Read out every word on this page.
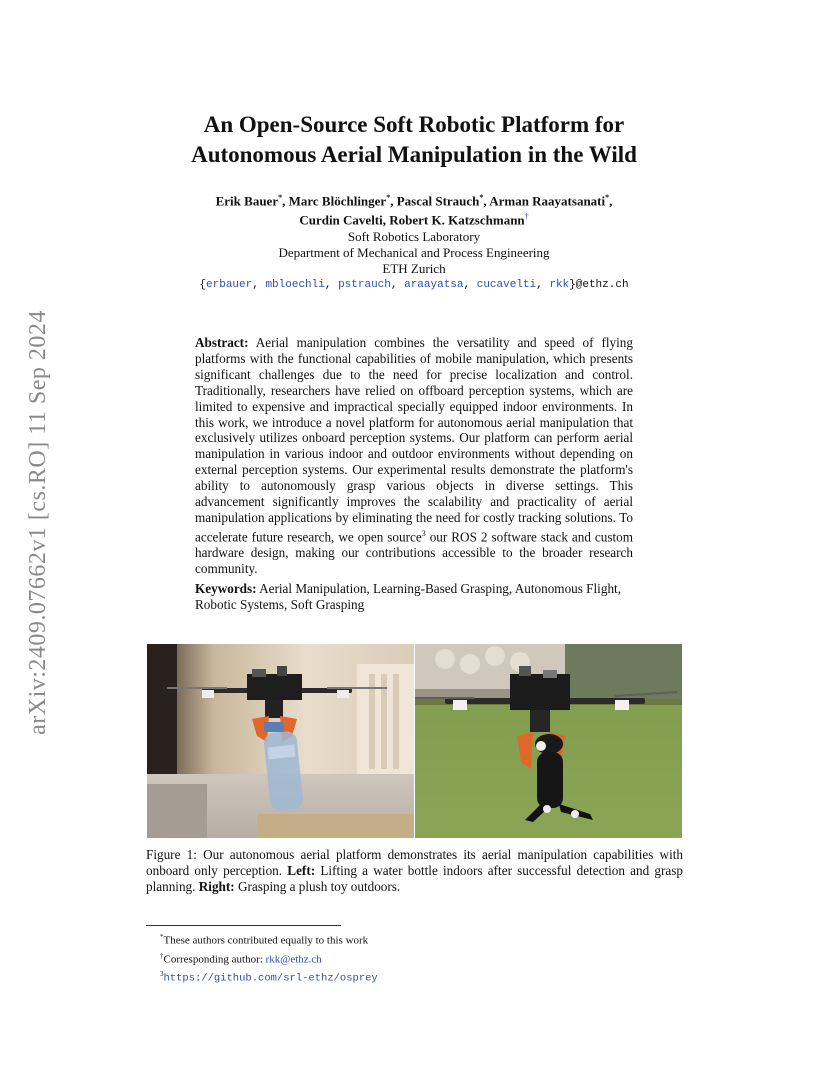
arXiv:2409.07662v1 [cs.RO] 11 Sep 2024
An Open-Source Soft Robotic Platform for
Autonomous Aerial Manipulation in the Wild
Erik Bauer*, Marc Blöchlinger*, Pascal Strauch*, Arman Raayatsanati*,
Curdin Cavelti, Robert K. Katzschmann†
Soft Robotics Laboratory
Department of Mechanical and Process Engineering
ETH Zurich
{erbauer, mbloechli, pstrauch, araayatsa, cucavelti, rkk}@ethz.ch
Abstract: Aerial manipulation combines the versatility and speed of flying platforms with the functional capabilities of mobile manipulation, which presents significant challenges due to the need for precise localization and control. Traditionally, researchers have relied on offboard perception systems, which are limited to expensive and impractical specially equipped indoor environments. In this work, we introduce a novel platform for autonomous aerial manipulation that exclusively utilizes onboard perception systems. Our platform can perform aerial manipulation in various indoor and outdoor environments without depending on external perception systems. Our experimental results demonstrate the platform's ability to autonomously grasp various objects in diverse settings. This advancement significantly improves the scalability and practicality of aerial manipulation applications by eliminating the need for costly tracking solutions. To accelerate future research, we open source$^3$ our ROS 2 software stack and custom hardware design, making our contributions accessible to the broader research community.
Keywords: Aerial Manipulation, Learning-Based Grasping, Autonomous Flight, Robotic Systems, Soft Grasping
Figure 1: Our autonomous aerial platform demonstrates its aerial manipulation capabilities with onboard only perception. Left: Lifting a water bottle indoors after successful detection and grasp planning. Right: Grasping a plush toy outdoors.
*These authors contributed equally to this work
†Corresponding author: rkk@ethz.ch
$^3$https://github.com/srl-ethz/osprey
